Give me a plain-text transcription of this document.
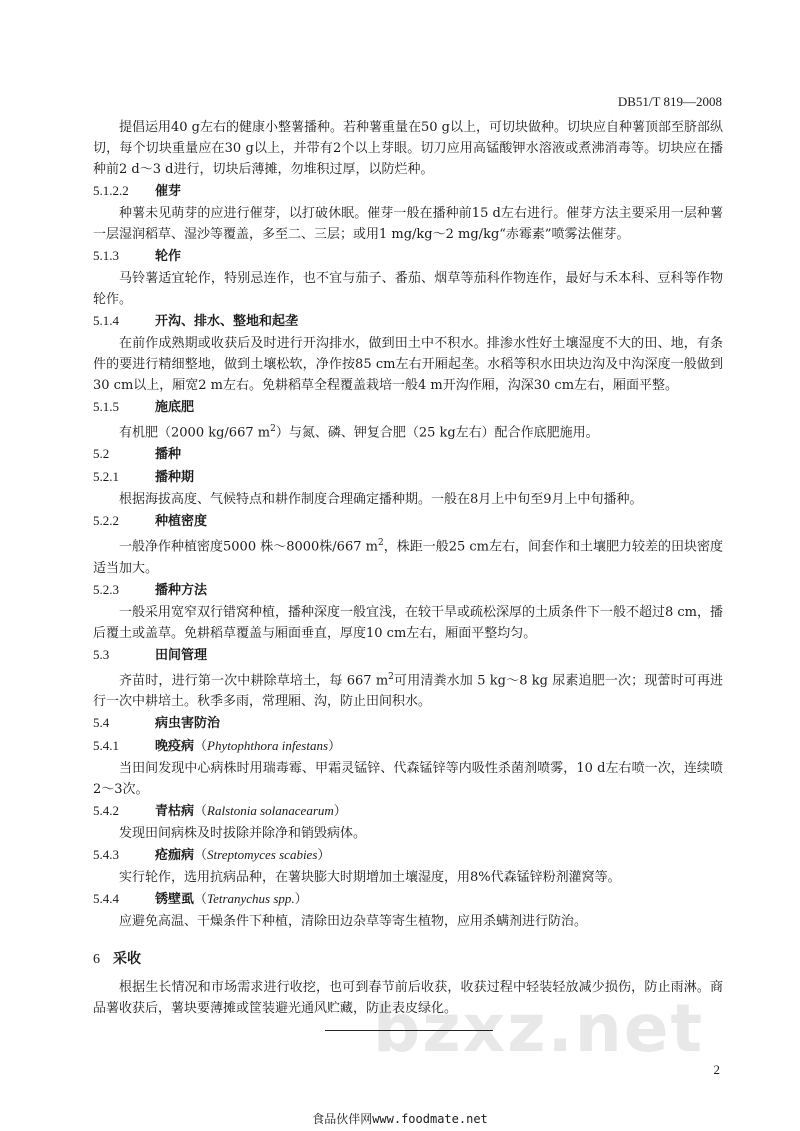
DB51/T 819—2008
bzxz.net

提倡运用40 g左右的健康小整薯播种。若种薯重量在50 g以上，可切块做种。切块应自种薯顶部至脐部纵切，每个切块重量应在30 g以上，并带有2个以上芽眼。切刀应用高锰酸钾水溶液或煮沸消毒等。切块应在播种前2 d～3 d进行，切块后薄摊，勿堆积过厚，以防烂种。

5.1.2.2 催芽

种薯未见萌芽的应进行催芽，以打破休眠。催芽一般在播种前15 d左右进行。催芽方法主要采用一层种薯一层湿润稻草、湿沙等覆盖，多至二、三层；或用1 mg/kg～2 mg/kg“赤霉素”喷雾法催芽。

5.1.3	轮作

马铃薯适宜轮作，特别忌连作，也不宜与茄子、番茄、烟草等茄科作物连作，最好与禾本科、豆科等作物轮作。

5.1.4	开沟、排水、整地和起垄

在前作成熟期或收获后及时进行开沟排水，做到田土中不积水。排渗水性好土壤湿度不大的田、地，有条件的要进行精细整地，做到土壤松软，净作按85 cm左右开厢起垄。水稻等积水田块边沟及中沟深度一般做到30 cm以上，厢宽2 m左右。免耕稻草全程覆盖栽培一般4 m开沟作厢，沟深30 cm左右，厢面平整。

5.1.5	施底肥

有机肥（2000 kg/667 $m^2$）与氮、磷、钾复合肥（25 kg左右）配合作底肥施用。

5.2	播种

5.2.1	播种期

根据海拔高度、气候特点和耕作制度合理确定播种期。一般在8月上中旬至9月上中旬播种。

5.2.2	种植密度

一般净作种植密度5000 株～8000株/667 $m^2$，株距一般25 cm左右，间套作和土壤肥力较差的田块密度适当加大。

5.2.3	播种方法

一般采用宽窄双行错窝种植，播种深度一般宜浅，在较干旱或疏松深厚的土质条件下一般不超过8 cm，播后覆土或盖草。免耕稻草覆盖与厢面垂直，厚度10 cm左右，厢面平整均匀。

5.3	田间管理

齐苗时，进行第一次中耕除草培土，每 667 $m^2$可用清粪水加 5 kg～8 kg 尿素追肥一次；现蕾时可再进行一次中耕培土。秋季多雨，常理厢、沟，防止田间积水。

5.4	病虫害防治

5.4.1	晚疫病（Phytophthora infestans）

当田间发现中心病株时用瑞毒霉、甲霜灵锰锌、代森锰锌等内吸性杀菌剂喷雾，10 d左右喷一次，连续喷2～3次。

5.4.2	青枯病（Ralstonia solanacearum）

发现田间病株及时拔除并除净和销毁病体。

5.4.3	疮痂病（Streptomyces scabies）

实行轮作，选用抗病品种，在薯块膨大时期增加土壤湿度，用8%代森锰锌粉剂灌窝等。

5.4.4	锈壁虱（Tetranychus spp.）

应避免高温、干燥条件下种植，清除田边杂草等寄生植物，应用杀螨剂进行防治。

6 采收

根据生长情况和市场需求进行收挖，也可到春节前后收获，收获过程中轻装轻放减少损伤，防止雨淋。商品薯收获后，薯块要薄摊或筐装避光通风贮藏，防止表皮绿化。

2
食品伙伴网www.foodmate.net
